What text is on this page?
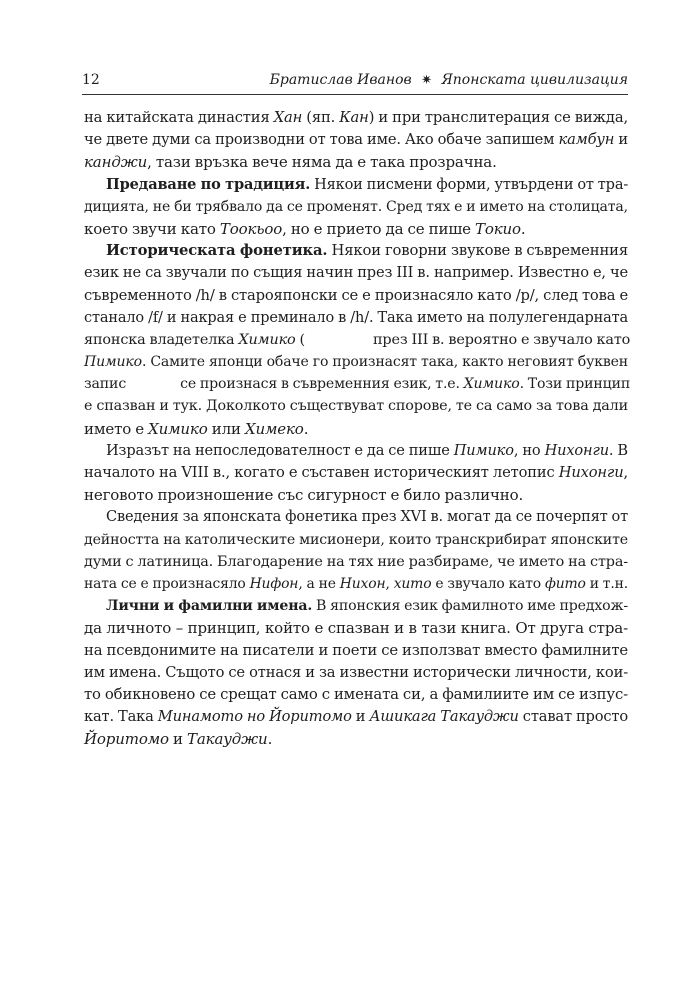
12	Братислав Иванов ✷ Японската цивилизация
на китайската династия Хан (яп. Кан) и при транслитерация се вижда,
че двете думи са производни от това име. Ако обаче запишем камбун и
канджи, тази връзка вече няма да е така прозрачна.
Предаване по традиция. Някои писмени форми, утвърдени от тра-
дицията, не би трябвало да се променят. Сред тях е и името на столицата,
което звучи като Тоокьоо, но е прието да се пише Токио.
Историческата фонетика. Някои говорни звукове в съвременния
език не са звучали по същия начин през III в. например. Известно е, че
съвременното /h/ в старояпонски се е произнасяло като /p/, след това е
станало /f/ и накрая е преминало в /h/. Така името на полулегендарната
японска владетелка Химико (	през III в. вероятно е звучало като
Пимико. Самите японци обаче го произнасят така, както неговият буквен
запис	се произнася в съвременния език, т.е. Химико. Този принцип
е спазван и тук. Доколкото съществуват спорове, те са само за това дали
името е Химико или Химеко.
Изразът на непоследователност е да се пише Пимико, но Нихонги. В
началото на VIII в., когато е съставен историческият летопис Нихонги,
неговото произношение със сигурност е било различно.
Сведения за японската фонетика през XVI в. могат да се почерпят от
дейността на католическите мисионери, които транскрибират японските
думи с латиница. Благодарение на тях ние разбираме, че името на стра-
ната се е произнасяло Нифон, а не Нихон, хито е звучало като фито и т.н.
Лични и фамилни имена. В японския език фамилното име предхож-
да личното – принцип, който е спазван и в тази книга. От друга стра-
на псевдонимите на писатели и поети се използват вместо фамилните
им имена. Същото се отнася и за известни исторически личности, кои-
то обикновено се срещат само с имената си, а фамилиите им се изпус-
кат. Така Минамото но Йоритомо и Ашикага Такауджи стават просто
Йоритомо и Такауджи.
